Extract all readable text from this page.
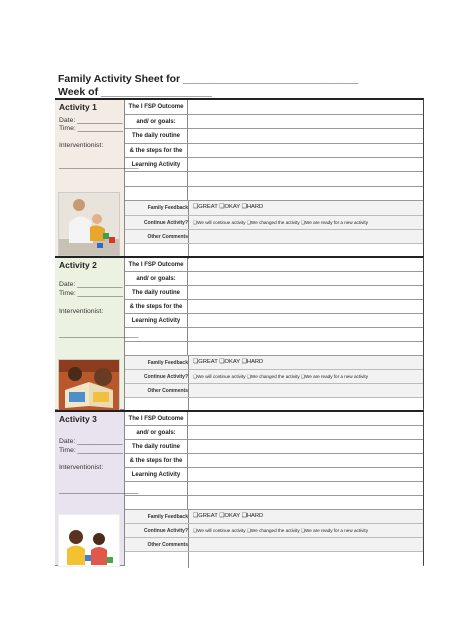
Family Activity Sheet for ______________________________
Week of ___________________
Activity 1
Date: ____________
Time: ____________
Interventionist:
_____________________
The I FSP Outcome
and/ or goals:
The daily routine
& the steps for the
Learning Activity
Family Feedback ❑GREAT ❑OKAY ❑HARD
Continue Activity? ❑We will continue activity ❑We changed the activity ❑We are ready for a new activity
Other Comments
Activity 2
Date: ____________
Time: ____________
Interventionist:
_____________________
The I FSP Outcome
and/ or goals:
The daily routine
& the steps for the
Learning Activity
Family Feedback ❑GREAT ❑OKAY ❑HARD
Continue Activity? ❑We will continue activity ❑We changed the activity ❑We are ready for a new activity
Other Comments
Activity 3
Date: ____________
Time: ____________
Interventionist:
_____________________
The I FSP Outcome
and/ or goals:
The daily routine
& the steps for the
Learning Activity
Family Feedback ❑GREAT ❑OKAY ❑HARD
Continue Activity? ❑We will continue activity ❑We changed the activity ❑We are ready for a new activity
Other Comments
